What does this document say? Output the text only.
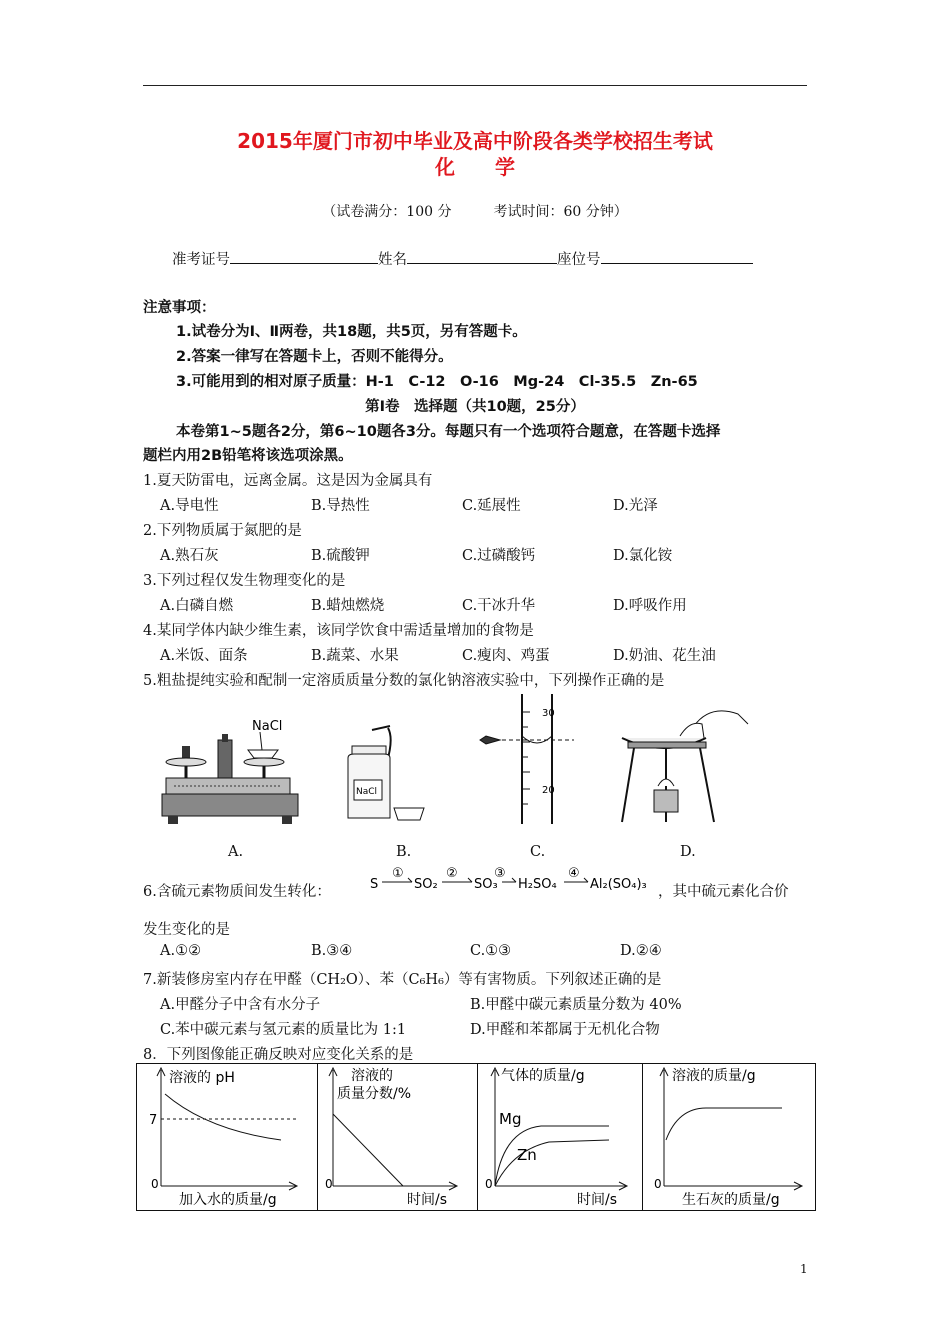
2015年厦门市初中毕业及高中阶段各类学校招生考试
化　　学
（试卷满分：100 分　　　考试时间：60 分钟）
准考证号	姓名	座位号
注意事项：
1.试卷分为Ⅰ、Ⅱ两卷，共18题，共5页，另有答题卡。
2.答案一律写在答题卡上，否则不能得分。
3.可能用到的相对原子质量：H-1　C-12　O-16　Mg-24　Cl-35.5　Zn-65
第Ⅰ卷　选择题（共10题，25分）
本卷第1~5题各2分，第6~10题各3分。每题只有一个选项符合题意，在答题卡选择
题栏内用2B铅笔将该选项涂黑。
1.夏天防雷电，远离金属。这是因为金属具有
A.导电性	B.导热性	C.延展性	D.光泽
2.下列物质属于氮肥的是
A.熟石灰	B.硫酸钾	C.过磷酸钙	D.氯化铵
3.下列过程仅发生物理变化的是
A.白磷自燃	B.蜡烛燃烧	C.干冰升华	D.呼吸作用
4.某同学体内缺少维生素，该同学饮食中需适量增加的食物是
A.米饭、面条	B.蔬菜、水果	C.瘦肉、鸡蛋	D.奶油、花生油
5.粗盐提纯实验和配制一定溶质质量分数的氯化钠溶液实验中，下列操作正确的是
NaCl
NaCl
30
20
A.	B.	C.	D.
6.含硫元素物质间发生转化：	S
①
SO₂
②
SO₃
③
H₂SO₄
④
Al₂(SO₄)₃ ，其中硫元素化合价
发生变化的是
A.①②	B.③④	C.①③	D.②④
7.新装修房室内存在甲醛（CH₂O）、苯（C₆H₆）等有害物质。下列叙述正确的是
A.甲醛分子中含有水分子	B.甲醛中碳元素质量分数为 40%
C.苯中碳元素与氢元素的质量比为 1:1	D.甲醛和苯都属于无机化合物
8．下列图像能正确反映对应变化关系的是
溶液的 pH
加入水的质量/g
0
7
溶液的
质量分数/%
时间/s
0
气体的质量/g
时间/s
0
Mg
Zn
溶液的质量/g
生石灰的质量/g
0
1
